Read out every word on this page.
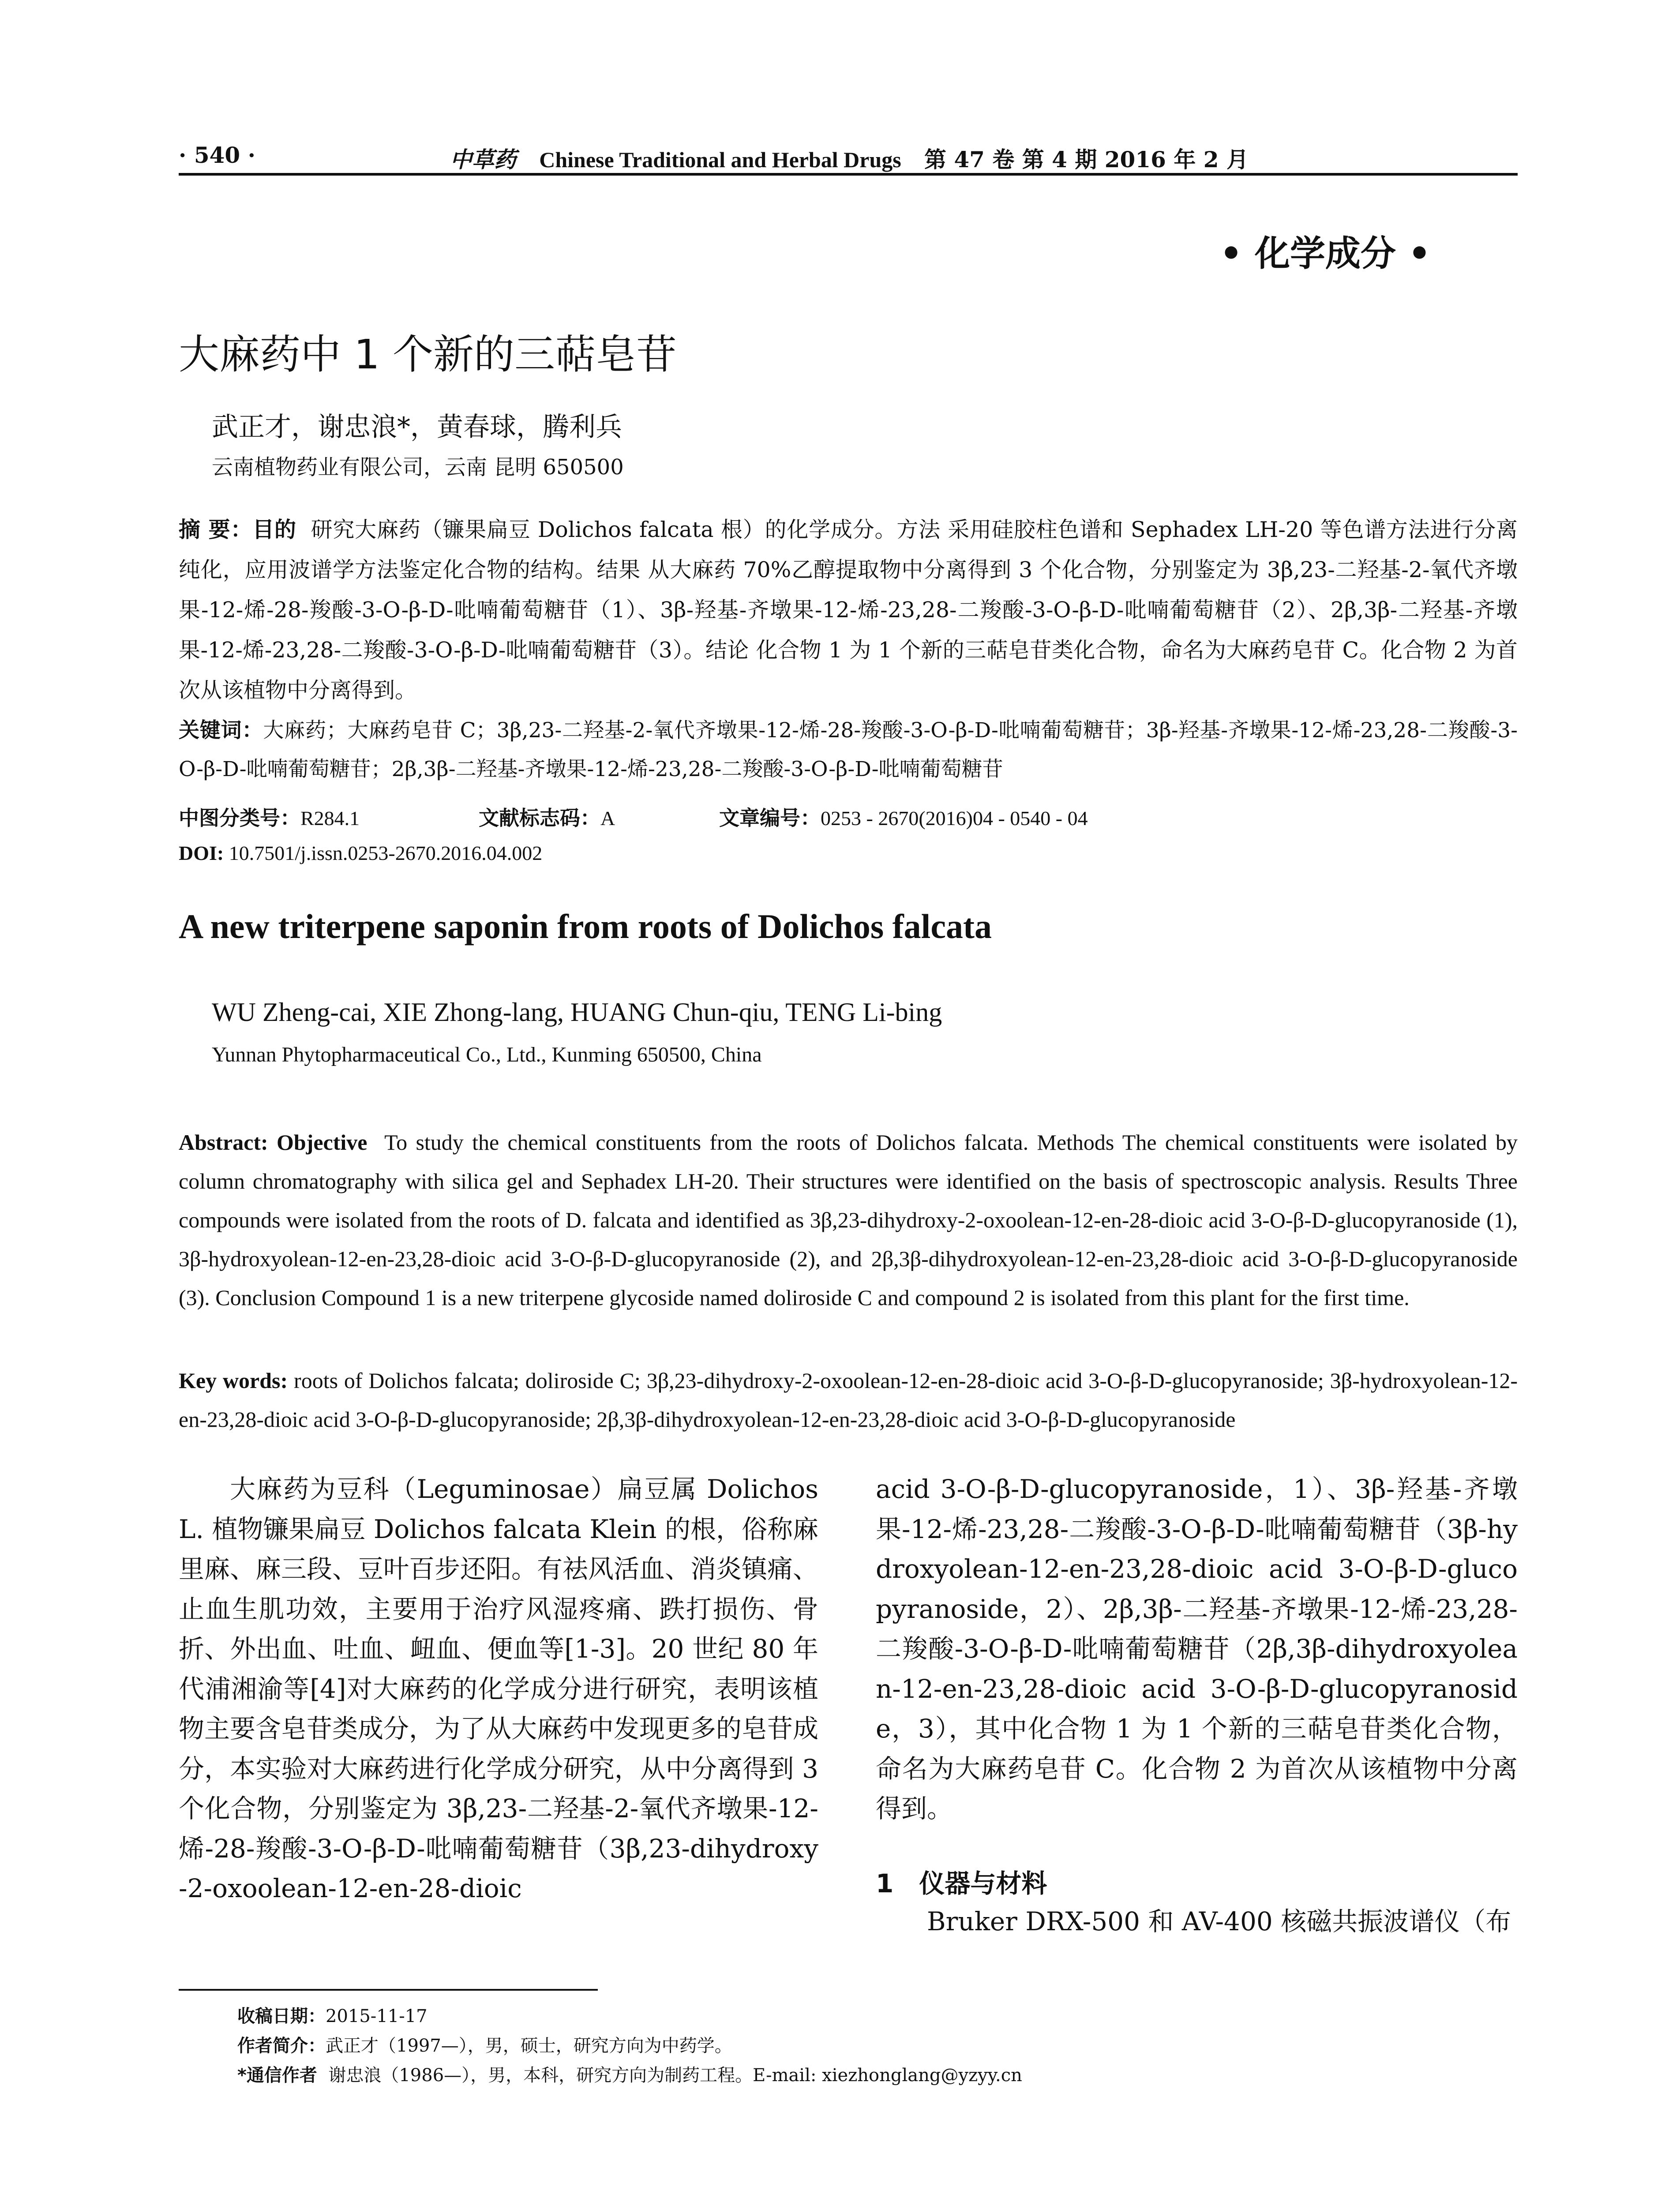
· 540 ·	中草药 Chinese Traditional and Herbal Drugs 第 47 卷 第 4 期 2016 年 2 月
• 化学成分 •
大麻药中 1 个新的三萜皂苷
武正才，谢忠浪*，黄春球，腾利兵
云南植物药业有限公司，云南 昆明 650500
摘 要：目的 研究大麻药（镰果扁豆 Dolichos falcata 根）的化学成分。方法 采用硅胶柱色谱和 Sephadex LH-20 等色谱方法进行分离纯化，应用波谱学方法鉴定化合物的结构。结果 从大麻药 70%乙醇提取物中分离得到 3 个化合物，分别鉴定为 3β,23-二羟基-2-氧代齐墩果-12-烯-28-羧酸-3-O-β-D-吡喃葡萄糖苷（1）、3β-羟基-齐墩果-12-烯-23,28-二羧酸-3-O-β-D-吡喃葡萄糖苷（2）、2β,3β-二羟基-齐墩果-12-烯-23,28-二羧酸-3-O-β-D-吡喃葡萄糖苷（3）。结论 化合物 1 为 1 个新的三萜皂苷类化合物，命名为大麻药皂苷 C。化合物 2 为首次从该植物中分离得到。
关键词：大麻药；大麻药皂苷 C；3β,23-二羟基-2-氧代齐墩果-12-烯-28-羧酸-3-O-β-D-吡喃葡萄糖苷；3β-羟基-齐墩果-12-烯-23,28-二羧酸-3-O-β-D-吡喃葡萄糖苷；2β,3β-二羟基-齐墩果-12-烯-23,28-二羧酸-3-O-β-D-吡喃葡萄糖苷
中图分类号：R284.1	文献标志码：A	文章编号：0253 - 2670(2016)04 - 0540 - 04
DOI: 10.7501/j.issn.0253-2670.2016.04.002
A new triterpene saponin from roots of Dolichos falcata
WU Zheng-cai, XIE Zhong-lang, HUANG Chun-qiu, TENG Li-bing
Yunnan Phytopharmaceutical Co., Ltd., Kunming 650500, China
Abstract: Objective To study the chemical constituents from the roots of Dolichos falcata. Methods The chemical constituents were isolated by column chromatography with silica gel and Sephadex LH-20. Their structures were identified on the basis of spectroscopic analysis. Results Three compounds were isolated from the roots of D. falcata and identified as 3β,23-dihydroxy-2-oxoolean-12-en-28-dioic acid 3-O-β-D-glucopyranoside (1), 3β-hydroxyolean-12-en-23,28-dioic acid 3-O-β-D-glucopyranoside (2), and 2β,3β-dihydroxyolean-12-en-23,28-dioic acid 3-O-β-D-glucopyranoside (3). Conclusion Compound 1 is a new triterpene glycoside named doliroside C and compound 2 is isolated from this plant for the first time.
Key words: roots of Dolichos falcata; doliroside C; 3β,23-dihydroxy-2-oxoolean-12-en-28-dioic acid 3-O-β-D-glucopyranoside; 3β-hydroxyolean-12-en-23,28-dioic acid 3-O-β-D-glucopyranoside; 2β,3β-dihydroxyolean-12-en-23,28-dioic acid 3-O-β-D-glucopyranoside
大麻药为豆科（Leguminosae）扁豆属 Dolichos L. 植物镰果扁豆 Dolichos falcata Klein 的根，俗称麻里麻、麻三段、豆叶百步还阳。有祛风活血、消炎镇痛、止血生肌功效，主要用于治疗风湿疼痛、跌打损伤、骨折、外出血、吐血、衄血、便血等[1-3]。20 世纪 80 年代浦湘渝等[4]对大麻药的化学成分进行研究，表明该植物主要含皂苷类成分，为了从大麻药中发现更多的皂苷成分，本实验对大麻药进行化学成分研究，从中分离得到 3 个化合物，分别鉴定为 3β,23-二羟基-2-氧代齐墩果-12-烯-28-羧酸-3-O-β-D-吡喃葡萄糖苷（3β,23-dihydroxy-2-oxoolean-12-en-28-dioic
acid 3-O-β-D-glucopyranoside，1）、3β-羟基-齐墩果-12-烯-23,28-二羧酸-3-O-β-D-吡喃葡萄糖苷（3β-hydroxyolean-12-en-23,28-dioic acid 3-O-β-D-glucopyranoside，2）、2β,3β-二羟基-齐墩果-12-烯-23,28-二羧酸-3-O-β-D-吡喃葡萄糖苷（2β,3β-dihydroxyolean-12-en-23,28-dioic acid 3-O-β-D-glucopyranoside，3），其中化合物 1 为 1 个新的三萜皂苷类化合物，命名为大麻药皂苷 C。化合物 2 为首次从该植物中分离得到。
1　仪器与材料
Bruker DRX-500 和 AV-400 核磁共振波谱仪（布
收稿日期：2015-11-17
作者简介：武正才（1997—），男，硕士，研究方向为中药学。
*通信作者 谢忠浪（1986—），男，本科，研究方向为制药工程。E-mail: xiezhonglang@yzyy.cn
